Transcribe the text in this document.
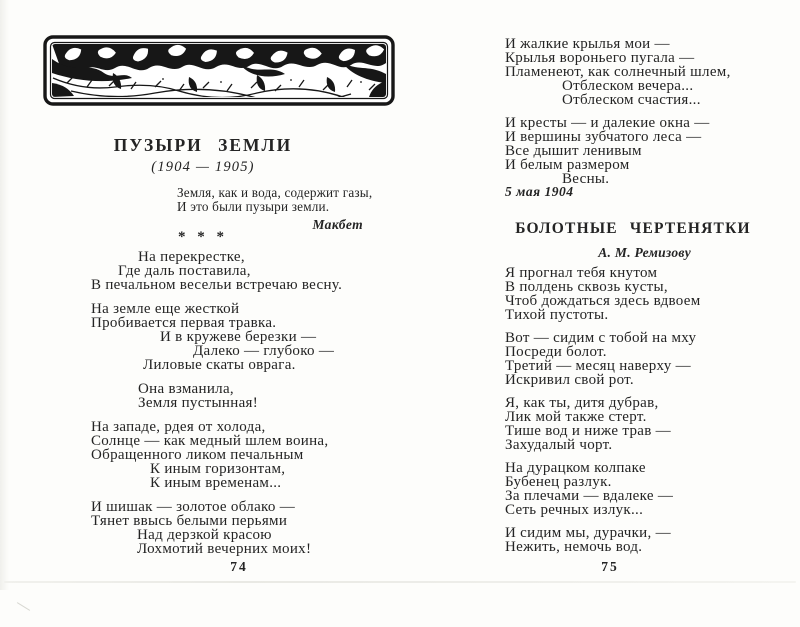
ПУЗЫРИ ЗЕМЛИ
(1904 — 1905)
Земля, как и вода, содержит газы,
И это были пузыри земли.
Макбет
* * *
На перекрестке,
Где даль поставила,
В печальном весельи встречаю весну.
На земле еще жесткой
Пробивается первая травка.
И в кружеве березки —
Далеко — глубоко —
Лиловые скаты оврага.
Она взманила,
Земля пустынная!
На западе, рдея от холода,
Солнце — как медный шлем воина,
Обращенного ликом печальным
К иным горизонтам,
К иным временам...
И шишак — золотое облако —
Тянет ввысь белыми перьями
Над дерзкой красою
Лохмотий вечерних моих!
74
И жалкие крылья мои —
Крылья вороньего пугала —
Пламенеют, как солнечный шлем,
Отблеском вечера...
Отблеском счастия...
И кресты — и далекие окна —
И вершины зубчатого леса —
Все дышит ленивым
И белым размером
Весны.
5 мая 1904
БОЛОТНЫЕ ЧЕРТЕНЯТКИ
А. М. Ремизову
Я прогнал тебя кнутом
В полдень сквозь кусты,
Чтоб дождаться здесь вдвоем
Тихой пустоты.
Вот — сидим с тобой на мху
Посреди болот.
Третий — месяц наверху —
Искривил свой рот.
Я, как ты, дитя дубрав,
Лик мой также стерт.
Тише вод и ниже трав —
Захудалый чорт.
На дурацком колпаке
Бубенец разлук.
За плечами — вдалеке —
Сеть речных излук...
И сидим мы, дурачки, —
Нежить, немочь вод.
75
